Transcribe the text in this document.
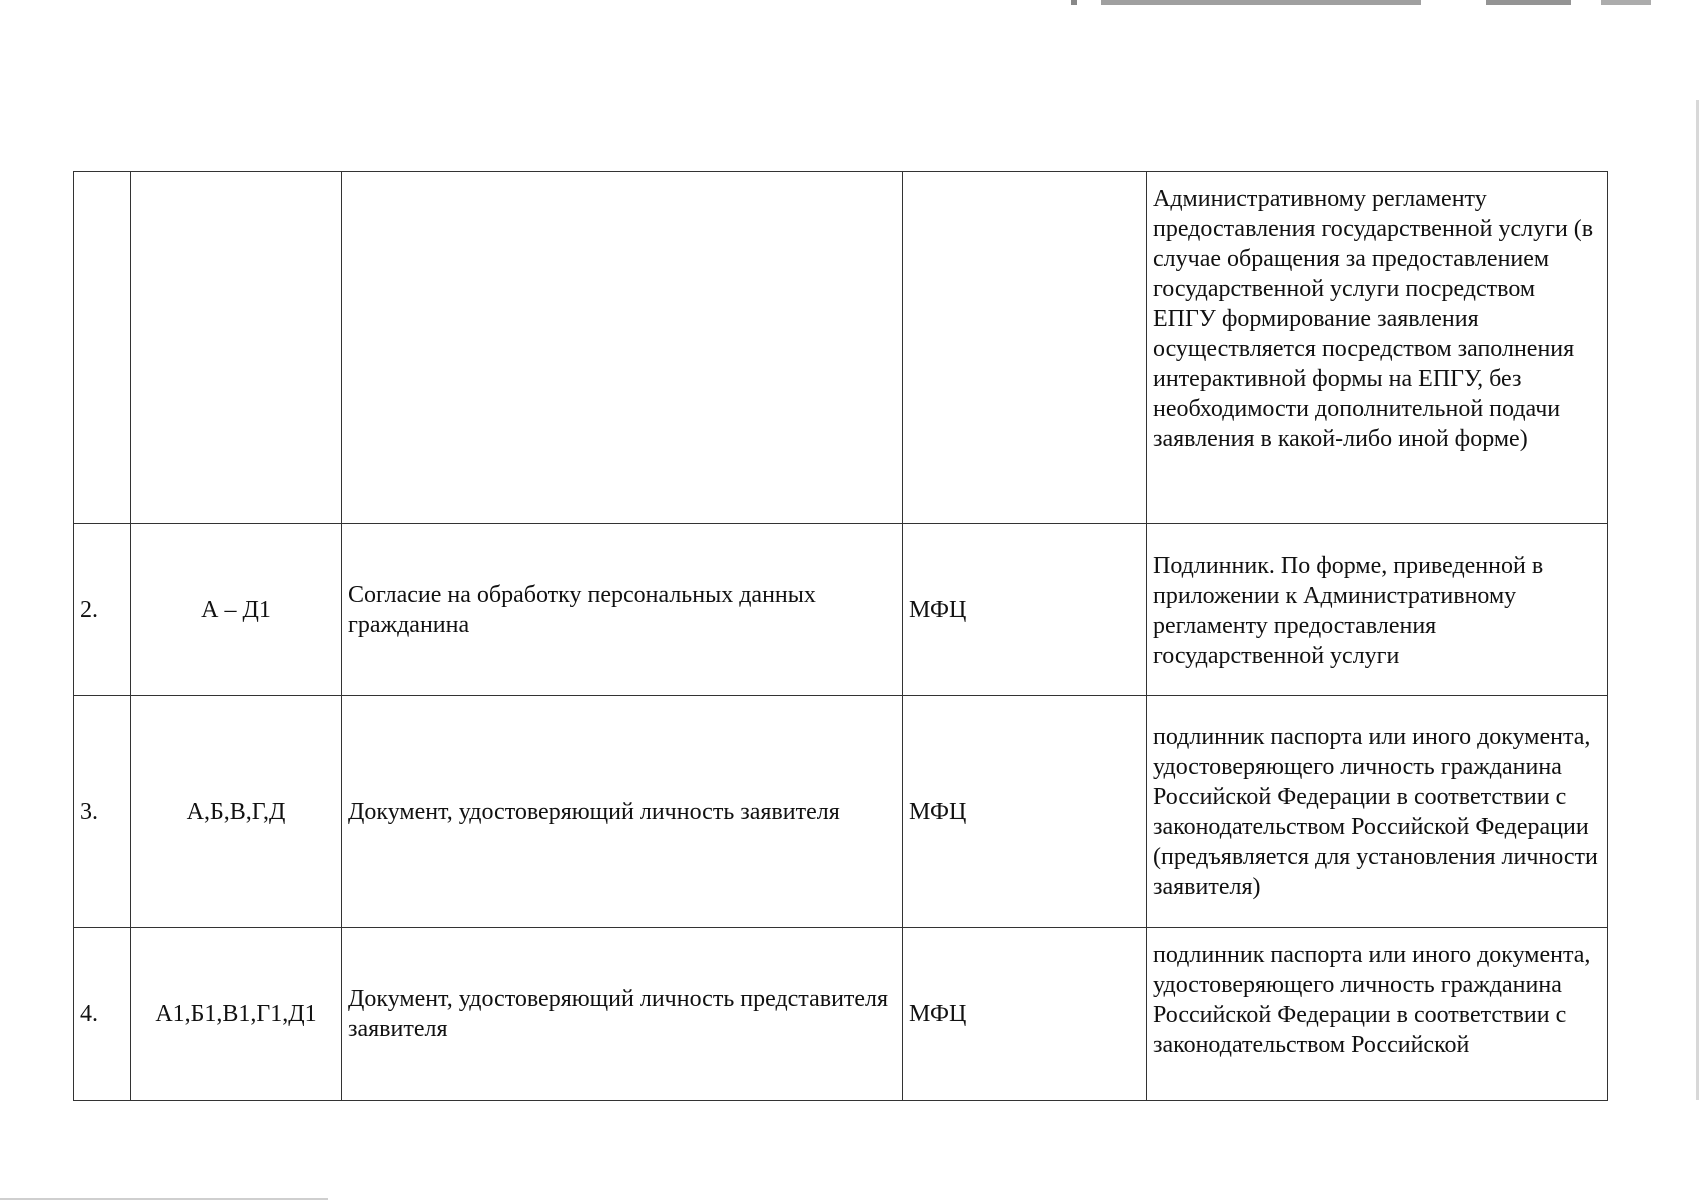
				Административному регламенту предоставления государственной услуги (в случае обращения за предоставлением государственной услуги посредством ЕПГУ формирование заявления осуществляется посредством заполнения интерактивной формы на ЕПГУ, без необходимости дополнительной подачи заявления в какой-либо иной форме)
2.	А – Д1	Согласие на обработку персональных данных гражданина	МФЦ	Подлинник. По форме, приведенной в приложении к Административному регламенту предоставления государственной услуги
3.	А,Б,В,Г,Д	Документ, удостоверяющий личность заявителя	МФЦ	подлинник паспорта или иного документа, удостоверяющего личность гражданина Российской Федерации в соответствии с законодательством Российской Федерации (предъявляется для установления личности заявителя)
4.	А1,Б1,В1,Г1,Д1	Документ, удостоверяющий личность представителя заявителя	МФЦ	подлинник паспорта или иного документа, удостоверяющего личность гражданина Российской Федерации в соответствии с законодательством Российской
